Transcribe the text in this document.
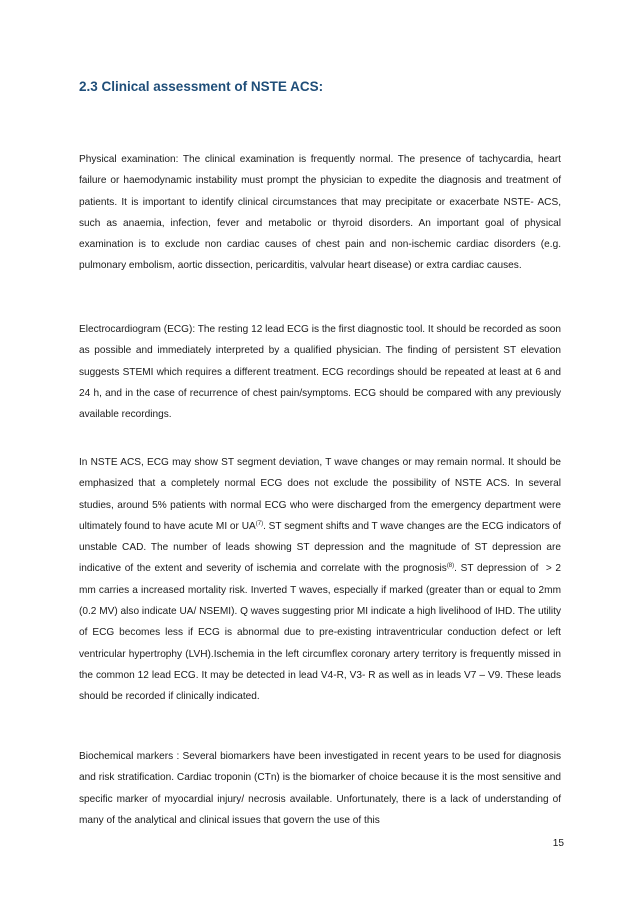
2.3 Clinical assessment of NSTE ACS:

Physical examination: The clinical examination is frequently normal. The presence of tachycardia, heart failure or haemodynamic instability must prompt the physician to expedite the diagnosis and treatment of patients. It is important to identify clinical circumstances that may precipitate or exacerbate NSTE- ACS, such as anaemia, infection, fever and metabolic or thyroid disorders. An important goal of physical examination is to exclude non cardiac causes of chest pain and non-ischemic cardiac disorders (e.g. pulmonary embolism, aortic dissection, pericarditis, valvular heart disease) or extra cardiac causes.

Electrocardiogram (ECG): The resting 12 lead ECG is the first diagnostic tool. It should be recorded as soon as possible and immediately interpreted by a qualified physician. The finding of persistent ST elevation suggests STEMI which requires a different treatment. ECG recordings should be repeated at least at 6 and 24 h, and in the case of recurrence of chest pain/symptoms. ECG should be compared with any previously available recordings.

In NSTE ACS, ECG may show ST segment deviation, T wave changes or may remain normal. It should be emphasized that a completely normal ECG does not exclude the possibility of NSTE ACS. In several studies, around 5% patients with normal ECG who were discharged from the emergency department were ultimately found to have acute MI or UA$^{(7)}$. ST segment shifts and T wave changes are the ECG indicators of unstable CAD. The number of leads showing ST depression and the magnitude of ST depression are indicative of the extent and severity of ischemia and correlate with the prognosis$^{(8)}$. ST depression of  > 2 mm carries a increased mortality risk. Inverted T waves, especially if marked (greater than or equal to 2mm (0.2 MV) also indicate UA/ NSEMI). Q waves suggesting prior MI indicate a high livelihood of IHD. The utility of ECG becomes less if ECG is abnormal due to pre-existing intraventricular conduction defect or left ventricular hypertrophy (LVH).Ischemia in the left circumflex coronary artery territory is frequently missed in the common 12 lead ECG. It may be detected in lead V4-R, V3- R as well as in leads V7 – V9. These leads should be recorded if clinically indicated.

Biochemical markers : Several biomarkers have been investigated in recent years to be used for diagnosis and risk stratification. Cardiac troponin (CTn) is the biomarker of choice because it is the most sensitive and specific marker of myocardial injury/ necrosis available. Unfortunately, there is a lack of understanding of many of the analytical and clinical issues that govern the use of this

15
